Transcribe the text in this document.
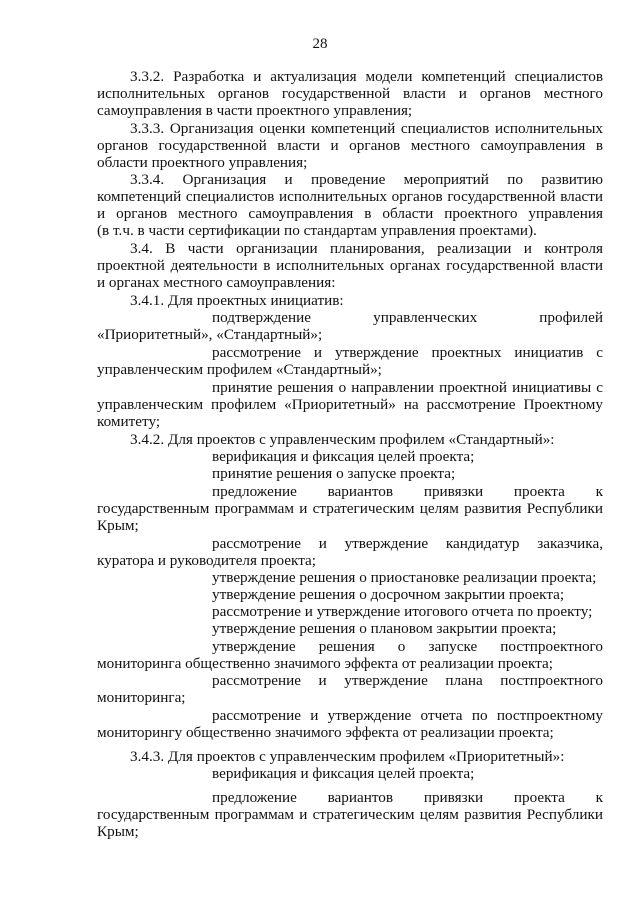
28
3.3.2. Разработка и актуализация модели компетенций специалистов
исполнительных органов государственной власти и органов местного
самоуправления в части проектного управления;
3.3.3. Организация оценки компетенций специалистов исполнительных
органов государственной власти и органов местного самоуправления в
области проектного управления;
3.3.4. Организация и проведение мероприятий по развитию
компетенций специалистов исполнительных органов государственной власти
и органов местного самоуправления в области проектного управления
(в т.ч. в части сертификации по стандартам управления проектами).
3.4. В части организации планирования, реализации и контроля
проектной деятельности в исполнительных органах государственной власти
и органах местного самоуправления:
3.4.1. Для проектных инициатив:
подтверждение управленческих профилей
«Приоритетный», «Стандартный»;
рассмотрение и утверждение проектных инициатив с
управленческим профилем «Стандартный»;
принятие решения о направлении проектной инициативы с
управленческим профилем «Приоритетный» на рассмотрение Проектному
комитету;
3.4.2. Для проектов с управленческим профилем «Стандартный»:
верификация и фиксация целей проекта;
принятие решения о запуске проекта;
предложение вариантов привязки проекта к
государственным программам и стратегическим целям развития Республики
Крым;
рассмотрение и утверждение кандидатур заказчика,
куратора и руководителя проекта;
утверждение решения о приостановке реализации проекта;
утверждение решения о досрочном закрытии проекта;
рассмотрение и утверждение итогового отчета по проекту;
утверждение решения о плановом закрытии проекта;
утверждение решения о запуске постпроектного
мониторинга общественно значимого эффекта от реализации проекта;
рассмотрение и утверждение плана постпроектного
мониторинга;
рассмотрение и утверждение отчета по постпроектному
мониторингу общественно значимого эффекта от реализации проекта;
3.4.3. Для проектов с управленческим профилем «Приоритетный»:
верификация и фиксация целей проекта;
предложение вариантов привязки проекта к
государственным программам и стратегическим целям развития Республики
Крым;
